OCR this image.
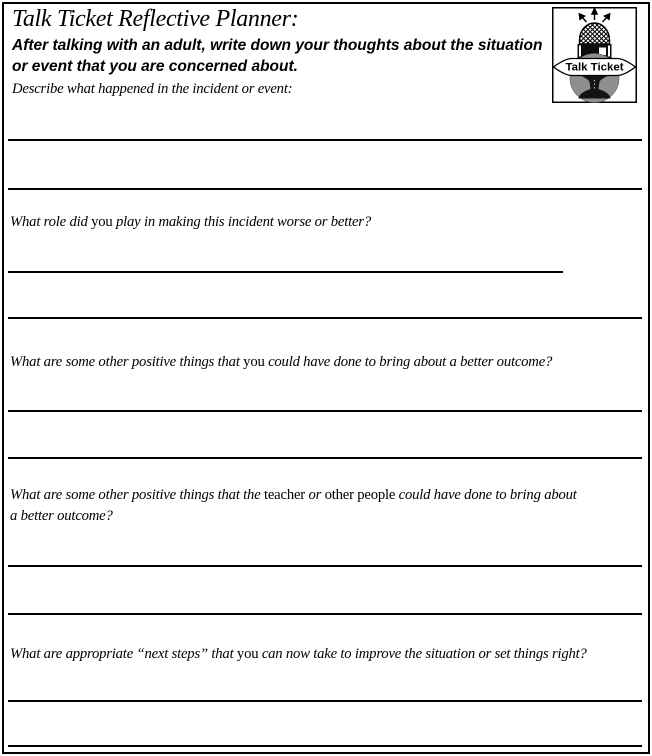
Talk Ticket Reflective Planner:
After talking with an adult, write down your thoughts about the situation
or event that you are concerned about.
Describe what happened in the incident or event:
Talk Ticket
What role did you play in making this incident worse or better?
What are some other positive things that you could have done to bring about a better outcome?
What are some other positive things that the teacher or other people could have done to bring about
a better outcome?
What are appropriate “next steps” that you can now take to improve the situation or set things right?
